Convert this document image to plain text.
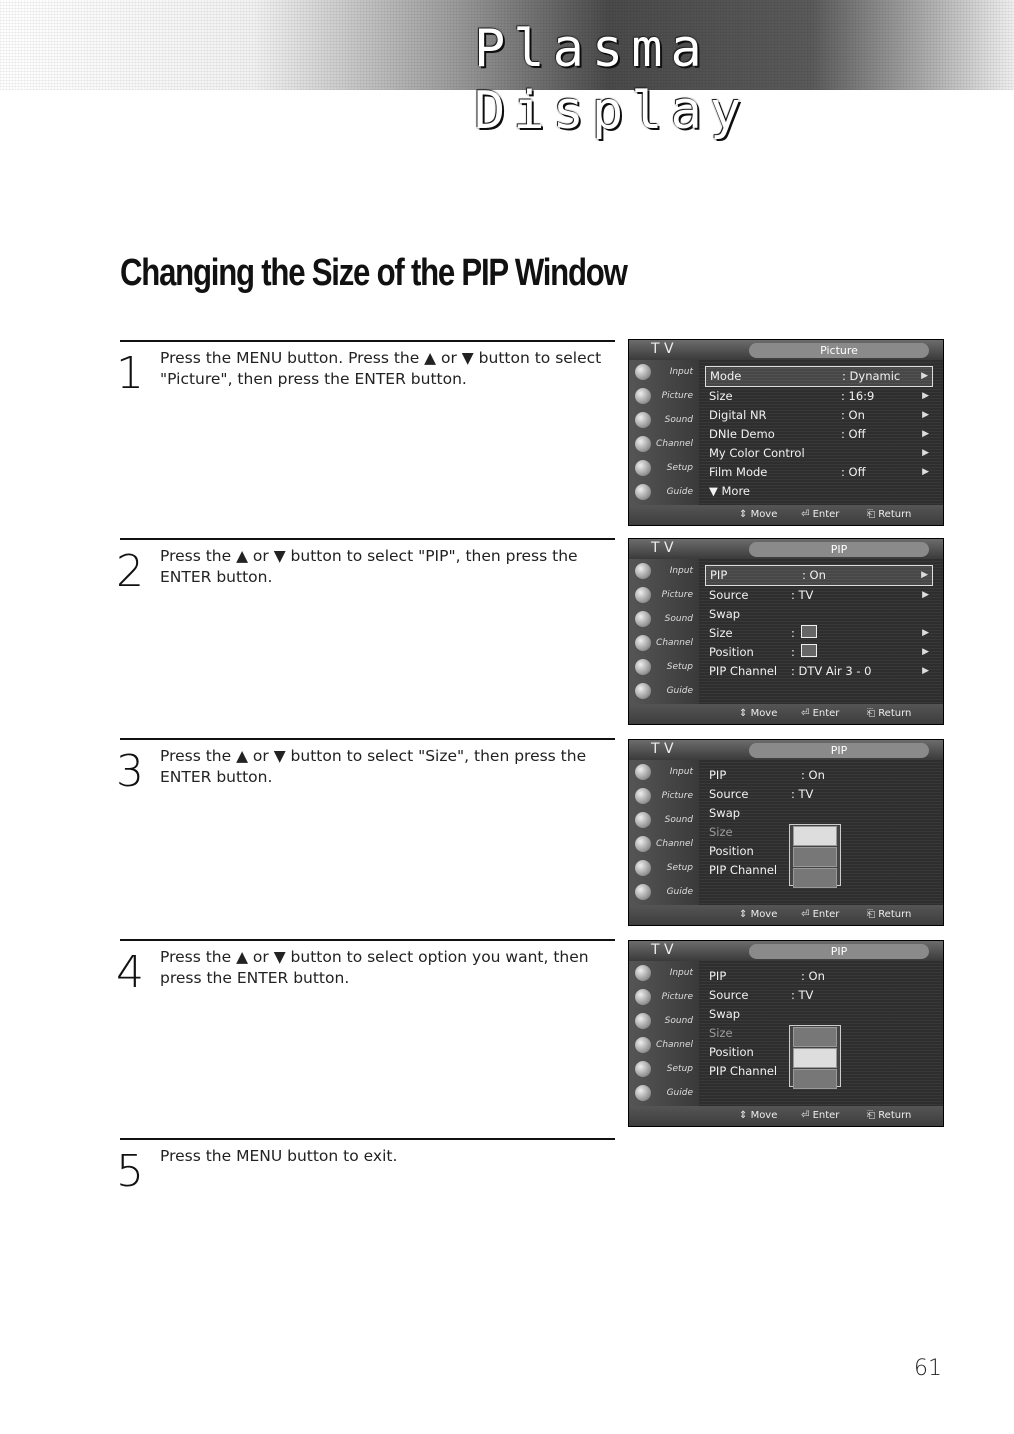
Plasma Display
Changing the Size of the PIP Window
1 Press the MENU button. Press the ▲ or ▼ button to select "Picture", then press the ENTER button.
2 Press the ▲ or ▼ button to select "PIP", then press the ENTER button.
3 Press the ▲ or ▼ button to select "Size", then press the ENTER button.
4 Press the ▲ or ▼ button to select option you want, then press the ENTER button.
5 Press the MENU button to exit.
T V	Picture
Input
Picture
Sound
Channel
Setup
Guide
Mode	: Dynamic ▶
Size	: 16:9	▶
Digital NR	: On	▶
DNIe Demo	: Off	▶
My Color Control	▶
Film Mode	: Off	▶
▼ More
⇕ Move ⏎ Enter	⎗ Return
T V	PIP
Input
Picture
Sound
Channel
Setup
Guide
PIP	: On	▶
Source	: TV	▶
Swap
Size	:	▶
Position	:	▶
PIP Channel : DTV Air 3 - 0	▶
⇕ Move ⏎ Enter	⎗ Return
T V	PIP
Input
Picture
Sound
Channel
Setup
Guide
PIP	: On
Source	: TV
Swap
Size
Position
PIP Channel
⇕ Move ⏎ Enter	⎗ Return
T V	PIP
Input
Picture
Sound
Channel
Setup
Guide
PIP	: On
Source	: TV
Swap
Size
Position
PIP Channel
⇕ Move ⏎ Enter	⎗ Return
61
